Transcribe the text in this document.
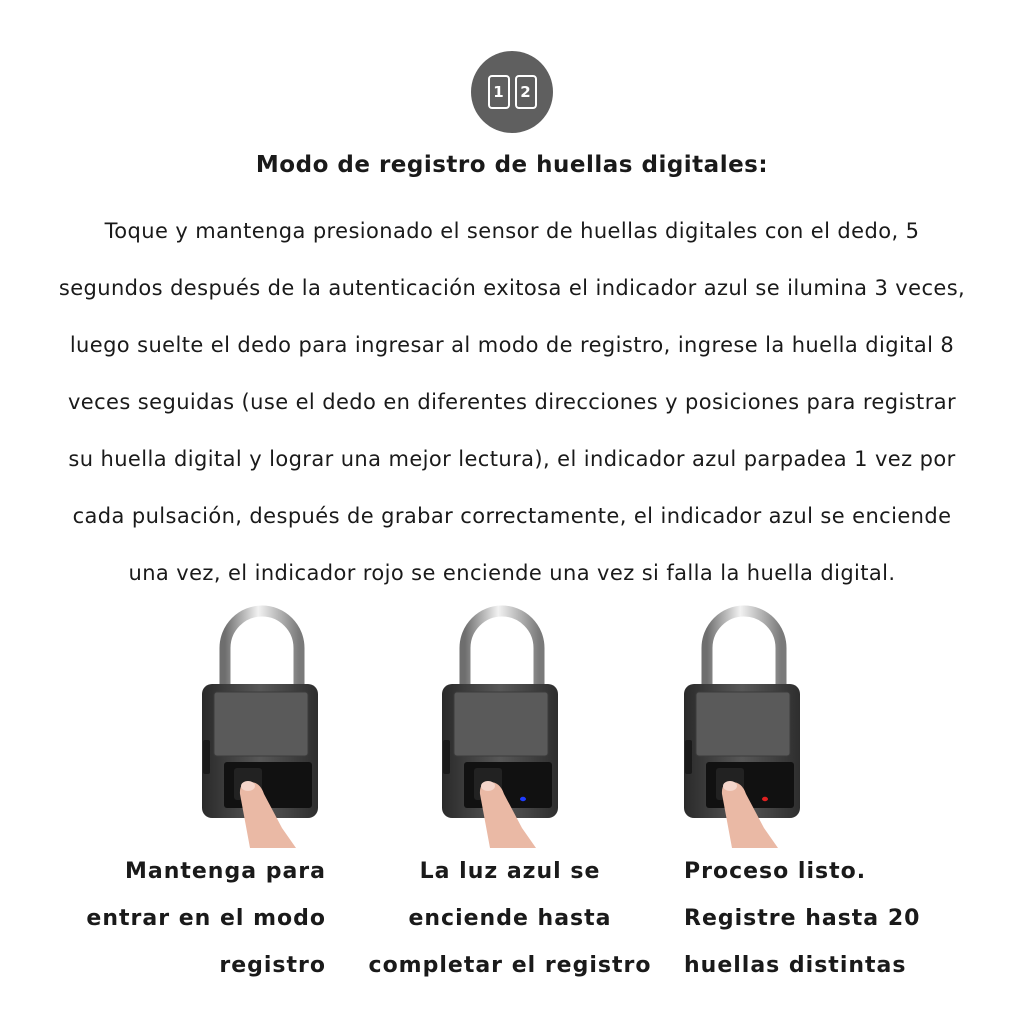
1	2
Modo de registro de huellas digitales:
Toque y mantenga presionado el sensor de huellas digitales con el dedo, 5
segundos después de la autenticación exitosa el indicador azul se ilumina 3 veces,
luego suelte el dedo para ingresar al modo de registro, ingrese la huella digital 8
veces seguidas (use el dedo en diferentes direcciones y posiciones para registrar
su huella digital y lograr una mejor lectura), el indicador azul parpadea 1 vez por
cada pulsación, después de grabar correctamente, el indicador azul se enciende
una vez, el indicador rojo se enciende una vez si falla la huella digital.
Mantenga para
entrar en el modo
registro
La luz azul se
enciende hasta
completar el registro
Proceso listo.
Registre hasta 20
huellas distintas
